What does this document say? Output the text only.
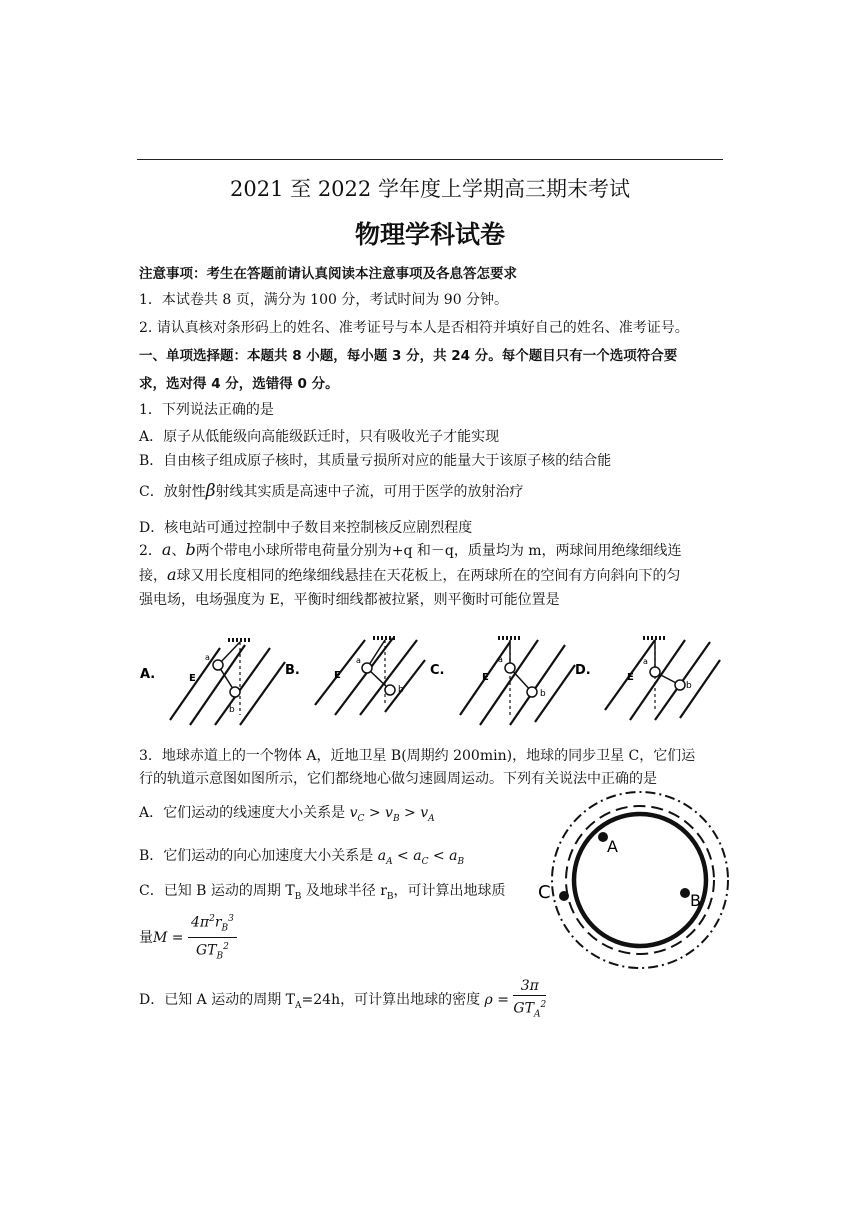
2021 至 2022 学年度上学期高三期末考试
物理学科试卷
注意事项：考生在答题前请认真阅读本注意事项及各息答怎要求
1．本试卷共 8 页，满分为 100 分，考试时间为 90 分钟。
2. 请认真核对条形码上的姓名、准考证号与本人是否相符并填好自己的姓名、准考证号。
一、单项选择题：本题共 8 小题，每小题 3 分，共 24 分。每个题目只有一个选项符合要
求，选对得 4 分，选错得 0 分。
1．下列说法正确的是
A．原子从低能级向高能级跃迁时，只有吸收光子才能实现
B．自由核子组成原子核时，其质量亏损所对应的能量大于该原子核的结合能
C．放射性β射线其实质是高速中子流，可用于医学的放射治疗
D．核电站可通过控制中子数目来控制核反应剧烈程度
2．a、b两个带电小球所带电荷量分别为+q 和－q，质量均为 m，两球间用绝缘细线连
接，a球又用长度相同的绝缘细线悬挂在天花板上，在两球所在的空间有方向斜向下的匀
强电场，电场强度为 E，平衡时细线都被拉紧，则平衡时可能位置是
A.	E
a
b
B.	E
a
b
C.	E
a
b
D.	E
a
b
3．地球赤道上的一个物体 A，近地卫星 B(周期约 200min)，地球的同步卫星 C，它们运
行的轨道示意图如图所示，它们都绕地心做匀速圆周运动。下列有关说法中正确的是
A．它们运动的线速度大小关系是 $v_C > v_B > v_A$
B．它们运动的向心加速度大小关系是 $a_A < a_C < a_B$
C．已知 B 运动的周期 $T_B$ 及地球半径 $r_B$，可计算出地球质
量$M = \frac{4\pi^2r_B^3}{GT_B^2}$
D．已知 A 运动的周期 $T_A=24h$，可计算出地球的密度 $\rho = \frac{3\pi}{GT_A^2}$
A
B
C
